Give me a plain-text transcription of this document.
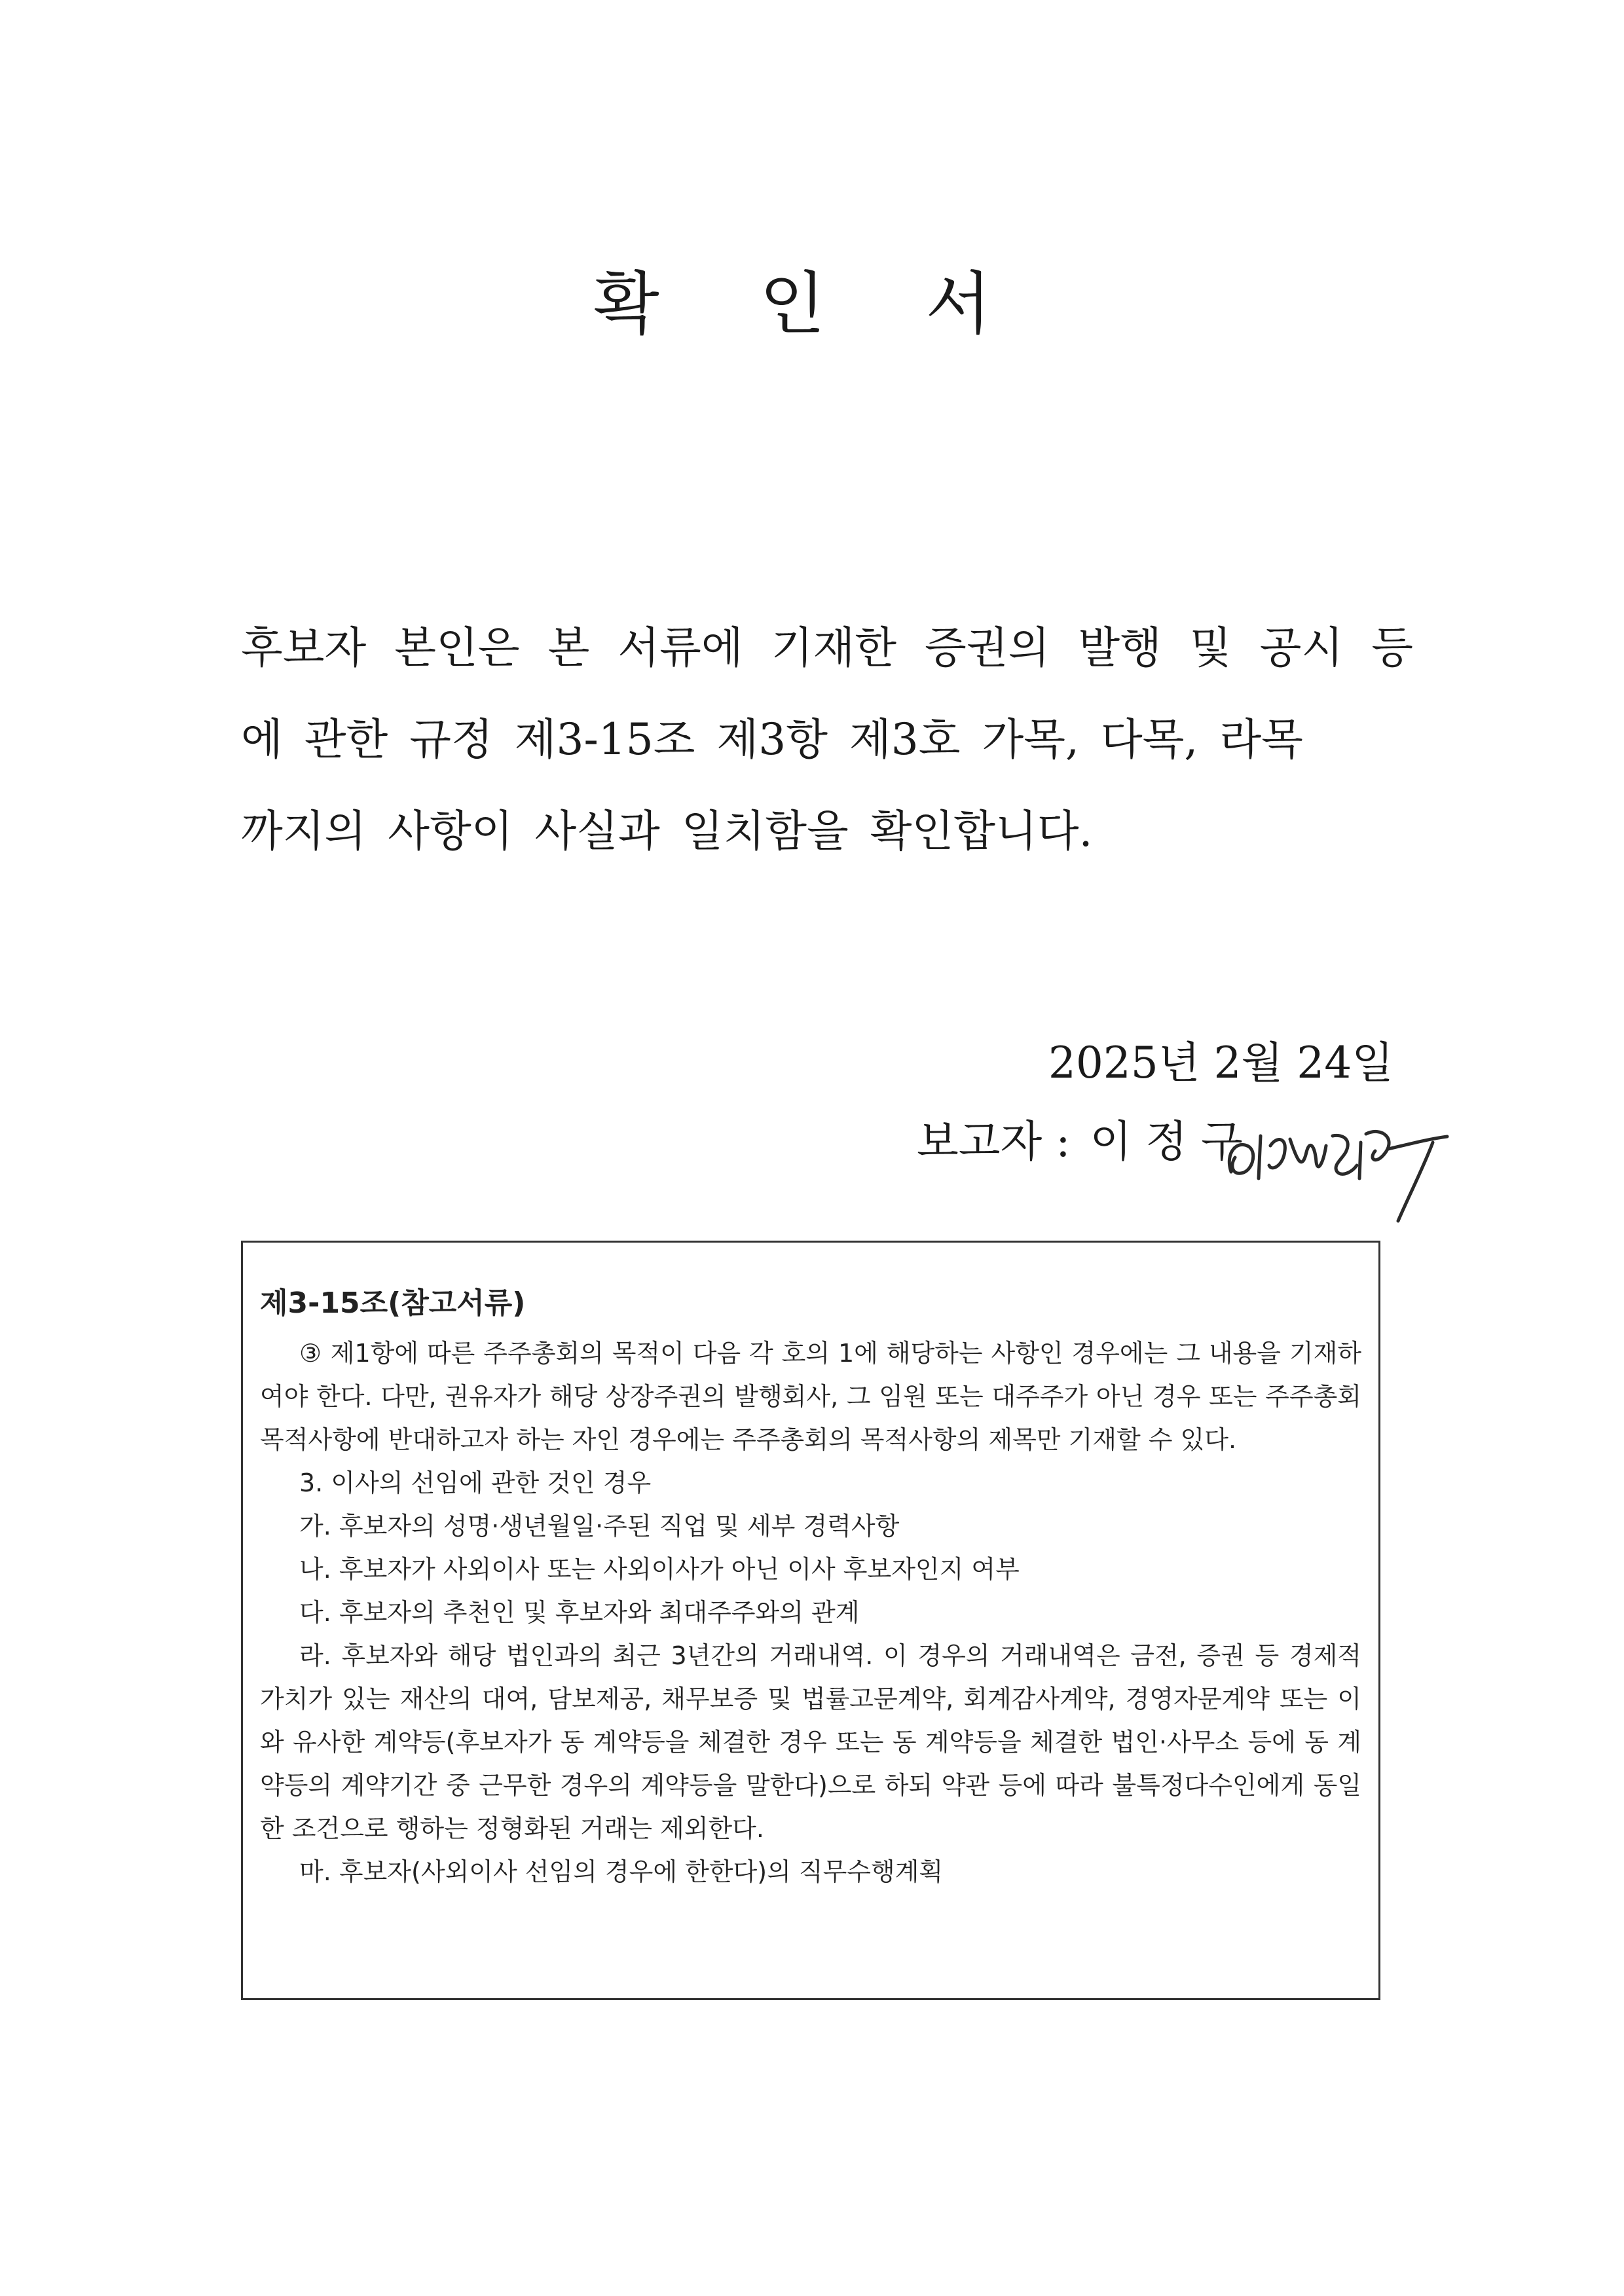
확 인 서

후보자 본인은 본 서류에 기재한 증권의 발행 및 공시 등

에 관한 규정 제3-15조 제3항 제3호 가목, 다목, 라목

까지의 사항이 사실과 일치함을 확인합니다.

2025년 2월 24일
보고자 : 이 정 구

제3-15조(참고서류)

③ 제1항에 따른 주주총회의 목적이 다음 각 호의 1에 해당하는 사항인 경우에는 그 내용을 기재하여야 한다. 다만, 권유자가 해당 상장주권의 발행회사, 그 임원 또는 대주주가 아닌 경우 또는 주주총회 목적사항에 반대하고자 하는 자인 경우에는 주주총회의 목적사항의 제목만 기재할 수 있다.

3. 이사의 선임에 관한 것인 경우

가. 후보자의 성명·생년월일·주된 직업 및 세부 경력사항

나. 후보자가 사외이사 또는 사외이사가 아닌 이사 후보자인지 여부

다. 후보자의 추천인 및 후보자와 최대주주와의 관계

라. 후보자와 해당 법인과의 최근 3년간의 거래내역. 이 경우의 거래내역은 금전, 증권 등 경제적 가치가 있는 재산의 대여, 담보제공, 채무보증 및 법률고문계약, 회계감사계약, 경영자문계약 또는 이와 유사한 계약등(후보자가 동 계약등을 체결한 경우 또는 동 계약등을 체결한 법인·사무소 등에 동 계약등의 계약기간 중 근무한 경우의 계약등을 말한다)으로 하되 약관 등에 따라 불특정다수인에게 동일한 조건으로 행하는 정형화된 거래는 제외한다.

마. 후보자(사외이사 선임의 경우에 한한다)의 직무수행계획
